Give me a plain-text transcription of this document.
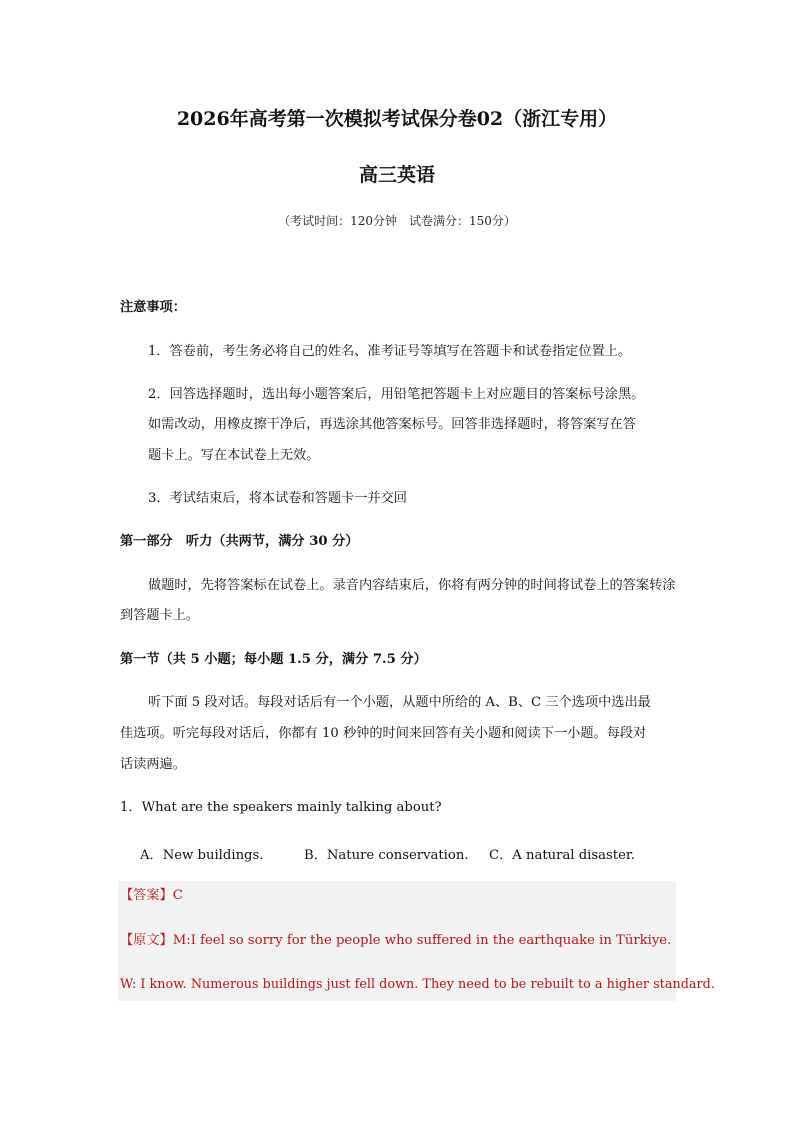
2026年高考第一次模拟考试保分卷02（浙江专用）
高三英语
（考试时间：120分钟　试卷满分：150分）
注意事项：
1．答卷前，考生务必将自己的姓名、准考证号等填写在答题卡和试卷指定位置上。
2．回答选择题时，选出每小题答案后，用铅笔把答题卡上对应题目的答案标号涂黑。
如需改动，用橡皮擦干净后，再选涂其他答案标号。回答非选择题时，将答案写在答
题卡上。写在本试卷上无效。
3．考试结束后，将本试卷和答题卡一并交回
第一部分　听力（共两节，满分 30 分）
做题时，先将答案标在试卷上。录音内容结束后，你将有两分钟的时间将试卷上的答案转涂
到答题卡上。
第一节（共 5 小题；每小题 1.5 分，满分 7.5 分）
听下面 5 段对话。每段对话后有一个小题，从题中所给的 A、B、C 三个选项中选出最
佳选项。听完每段对话后，你都有 10 秒钟的时间来回答有关小题和阅读下一小题。每段对
话读两遍。
1．What are the speakers mainly talking about?
A．New buildings.	B．Nature conservation. C．A natural disaster.
【答案】C
【原文】M:I feel so sorry for the people who suffered in the earthquake in Türkiye.
W: I know. Numerous buildings just fell down. They need to be rebuilt to a higher standard.
